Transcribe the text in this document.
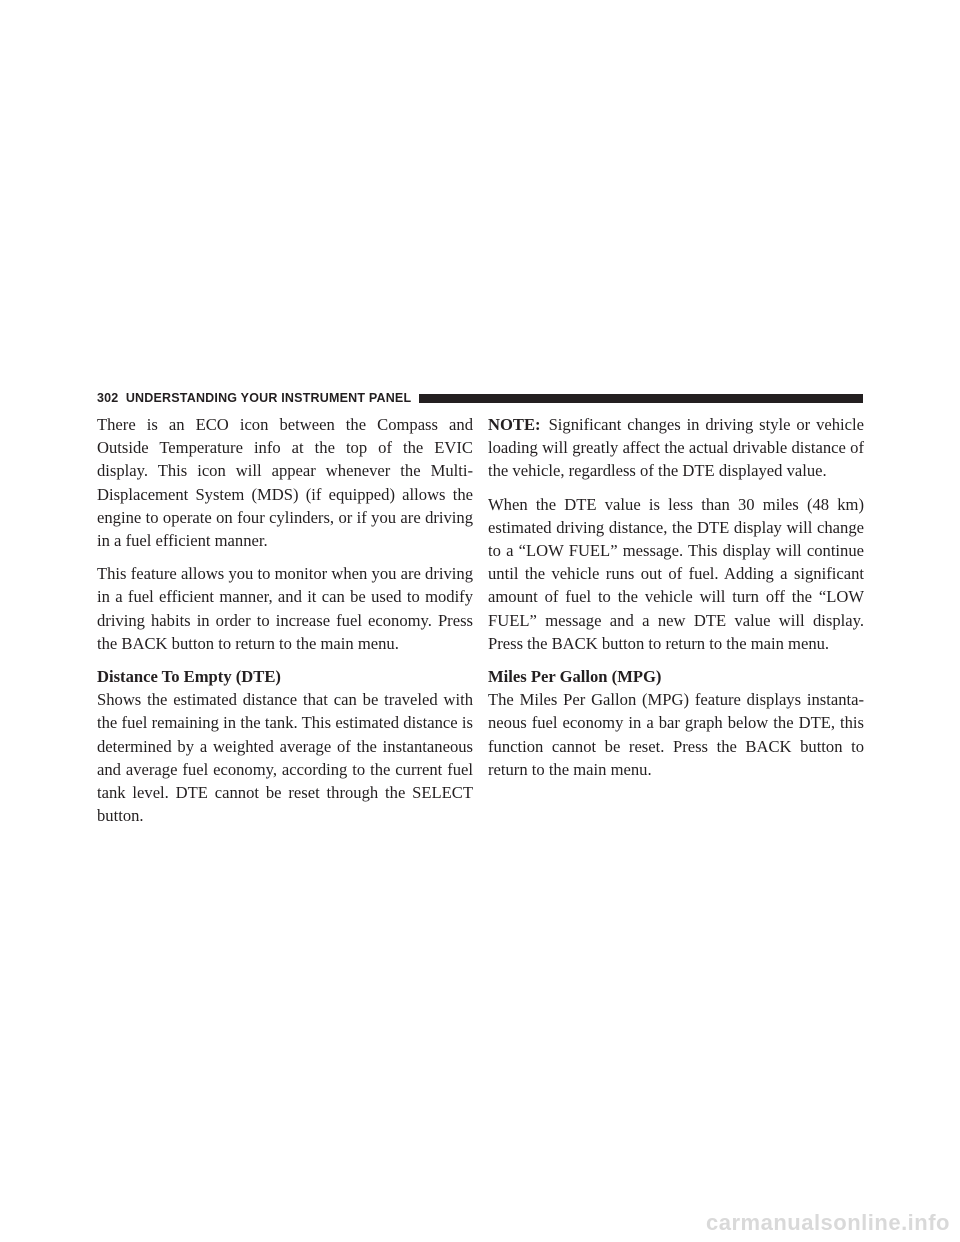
302
UNDERSTANDING YOUR INSTRUMENT PANEL

There is an ECO icon between the Compass and Outside Temperature info at the top of the EVIC display. This icon will appear whenever the Multi-Displacement System (MDS) (if equipped) allows the engine to operate on four cylinders, or if you are driving in a fuel efficient manner.

This feature allows you to monitor when you are driving in a fuel efficient manner, and it can be used to modify driving habits in order to increase fuel economy. Press the BACK button to return to the main menu.

Distance To Empty (DTE)

Shows the estimated distance that can be traveled with the fuel remaining in the tank. This estimated distance is determined by a weighted average of the instantaneous and average fuel economy, according to the current fuel tank level. DTE cannot be reset through the SELECT button.

NOTE: Significant changes in driving style or vehicle loading will greatly affect the actual drivable distance of the vehicle, regardless of the DTE displayed value.

When the DTE value is less than 30 miles (48 km) estimated driving distance, the DTE display will change to a “LOW FUEL” message. This display will continue until the vehicle runs out of fuel. Adding a significant amount of fuel to the vehicle will turn off the “LOW FUEL” message and a new DTE value will display. Press the BACK button to return to the main menu.

Miles Per Gallon (MPG)

The Miles Per Gallon (MPG) feature displays instanta-neous fuel economy in a bar graph below the DTE, this function cannot be reset. Press the BACK button to return to the main menu.

carmanualsonline.info
